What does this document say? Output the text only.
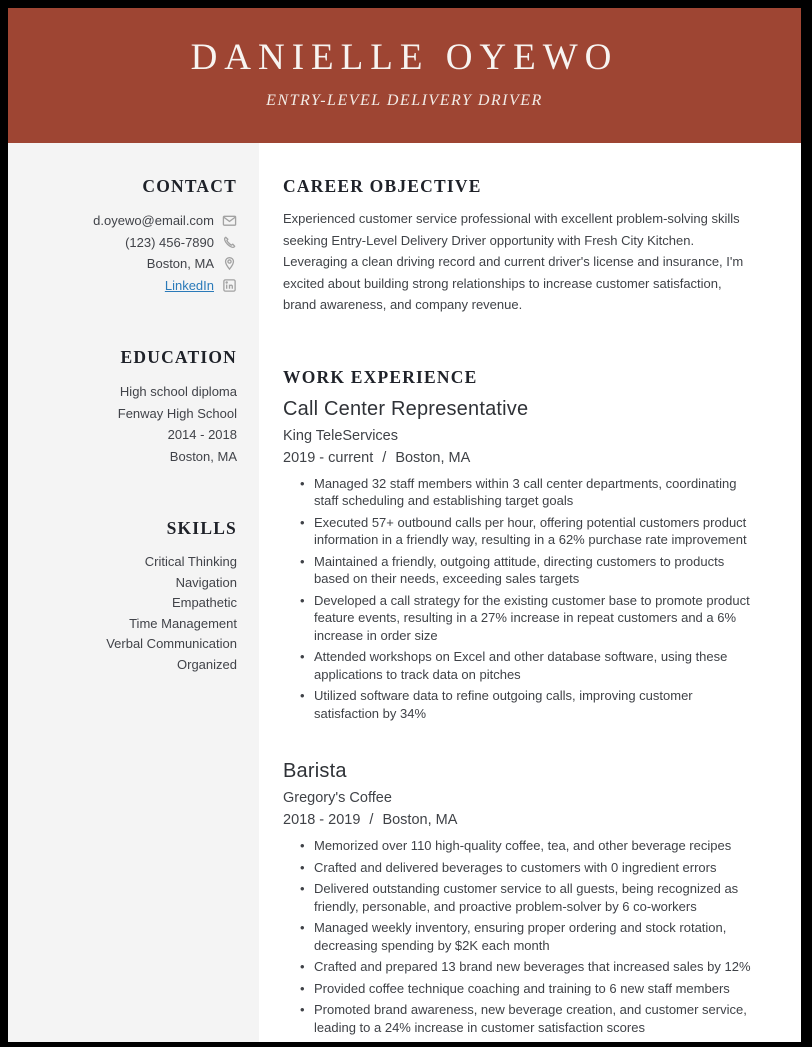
DANIELLE OYEWO
ENTRY-LEVEL DELIVERY DRIVER
CONTACT
d.oyewo@email.com
(123) 456-7890
Boston, MA
LinkedIn
EDUCATION
High school diploma
Fenway High School
2014 - 2018
Boston, MA
SKILLS
Critical Thinking
Navigation
Empathetic
Time Management
Verbal Communication
Organized
CAREER OBJECTIVE

Experienced customer service professional with excellent problem-solving skills seeking Entry-Level Delivery Driver opportunity with Fresh City Kitchen. Leveraging a clean driving record and current driver's license and insurance, I'm excited about building strong relationships to increase customer satisfaction, brand awareness, and company revenue.

WORK EXPERIENCE
Call Center Representative
King TeleServices
2019 - current / Boston, MA
• Managed 32 staff members within 3 call center departments, coordinating staff scheduling and establishing target goals
• Executed 57+ outbound calls per hour, offering potential customers product information in a friendly way, resulting in a 62% purchase rate improvement
• Maintained a friendly, outgoing attitude, directing customers to products based on their needs, exceeding sales targets
• Developed a call strategy for the existing customer base to promote product feature events, resulting in a 27% increase in repeat customers and a 6% increase in order size
• Attended workshops on Excel and other database software, using these applications to track data on pitches
• Utilized software data to refine outgoing calls, improving customer satisfaction by 34%
Barista
Gregory's Coffee
2018 - 2019 / Boston, MA
• Memorized over 110 high-quality coffee, tea, and other beverage recipes
• Crafted and delivered beverages to customers with 0 ingredient errors
• Delivered outstanding customer service to all guests, being recognized as friendly, personable, and proactive problem-solver by 6 co-workers
• Managed weekly inventory, ensuring proper ordering and stock rotation, decreasing spending by $2K each month
• Crafted and prepared 13 brand new beverages that increased sales by 12%
• Provided coffee technique coaching and training to 6 new staff members
• Promoted brand awareness, new beverage creation, and customer service, leading to a 24% increase in customer satisfaction scores
